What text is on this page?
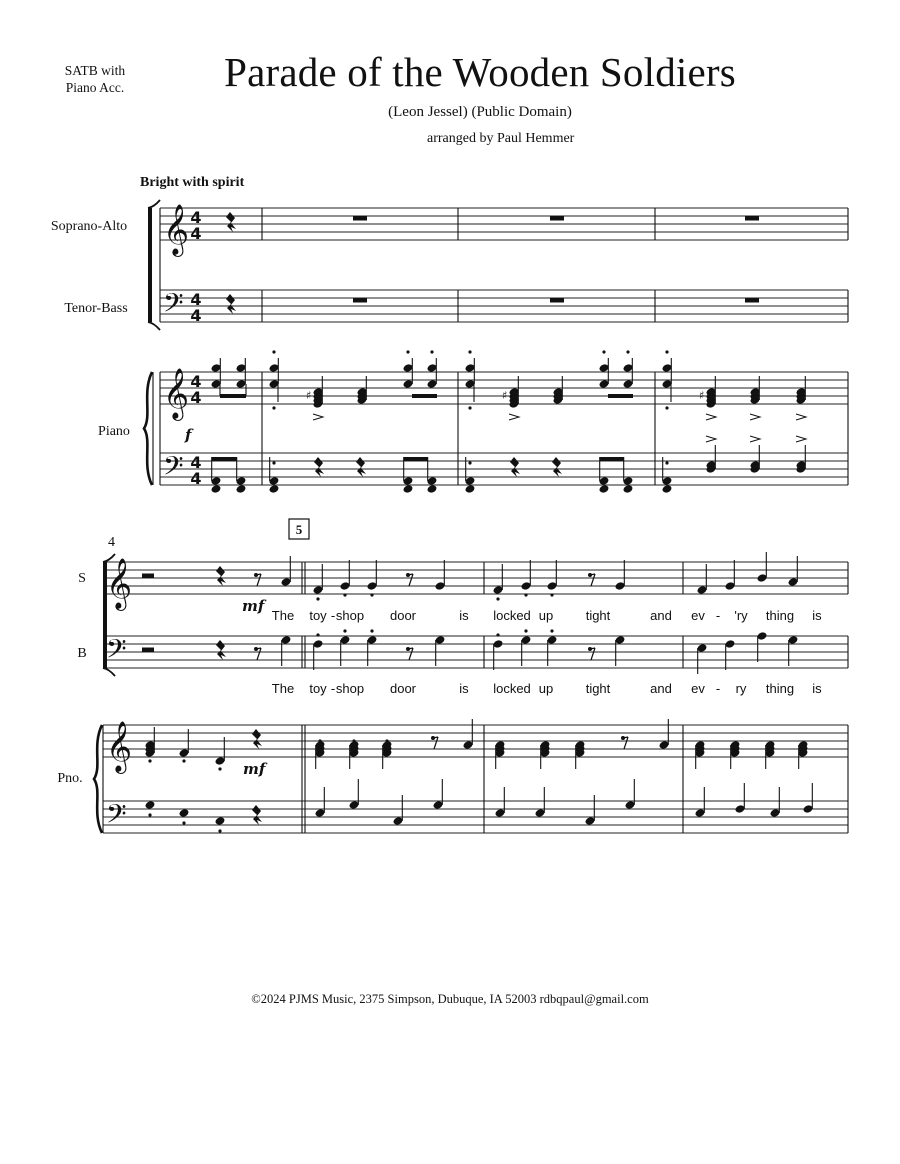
SATB with
Piano Acc.	Parade of the Wooden Soldiers
(Leon Jessel) (Public Domain)
arranged by Paul Hemmer
Bright with spirit
𝄞
𝄢
𝄞
𝄢
4
4
4
4
4
4
4
4
♯	♯	♯
𝄞
𝄢
𝄞
𝄢
Soprano-Alto
Tenor-Bass
Piano	f
S
B
Pno.
4
5
mf
mf
The toy - shop door	is locked up tight	and ev - 'ry thing is
The toy - shop door	is locked up tight	and ev - ry thing is
©2024 PJMS Music, 2375 Simpson, Dubuque, IA 52003 rdbqpaul@gmail.com
